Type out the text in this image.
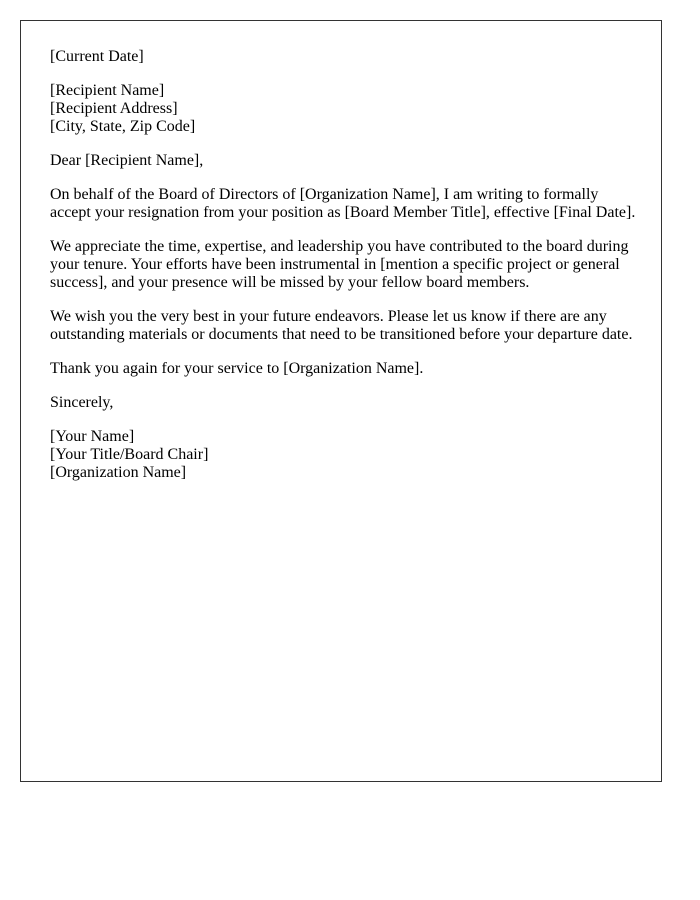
[Current Date]

[Recipient Name]
[Recipient Address]
[City, State, Zip Code]

Dear [Recipient Name],

On behalf of the Board of Directors of [Organization Name], I am writing to formally accept your resignation from your position as [Board Member Title], effective [Final Date].

We appreciate the time, expertise, and leadership you have contributed to the board during your tenure. Your efforts have been instrumental in [mention a specific project or general success], and your presence will be missed by your fellow board members.

We wish you the very best in your future endeavors. Please let us know if there are any outstanding materials or documents that need to be transitioned before your departure date.

Thank you again for your service to [Organization Name].

Sincerely,

[Your Name]
[Your Title/Board Chair]
[Organization Name]
